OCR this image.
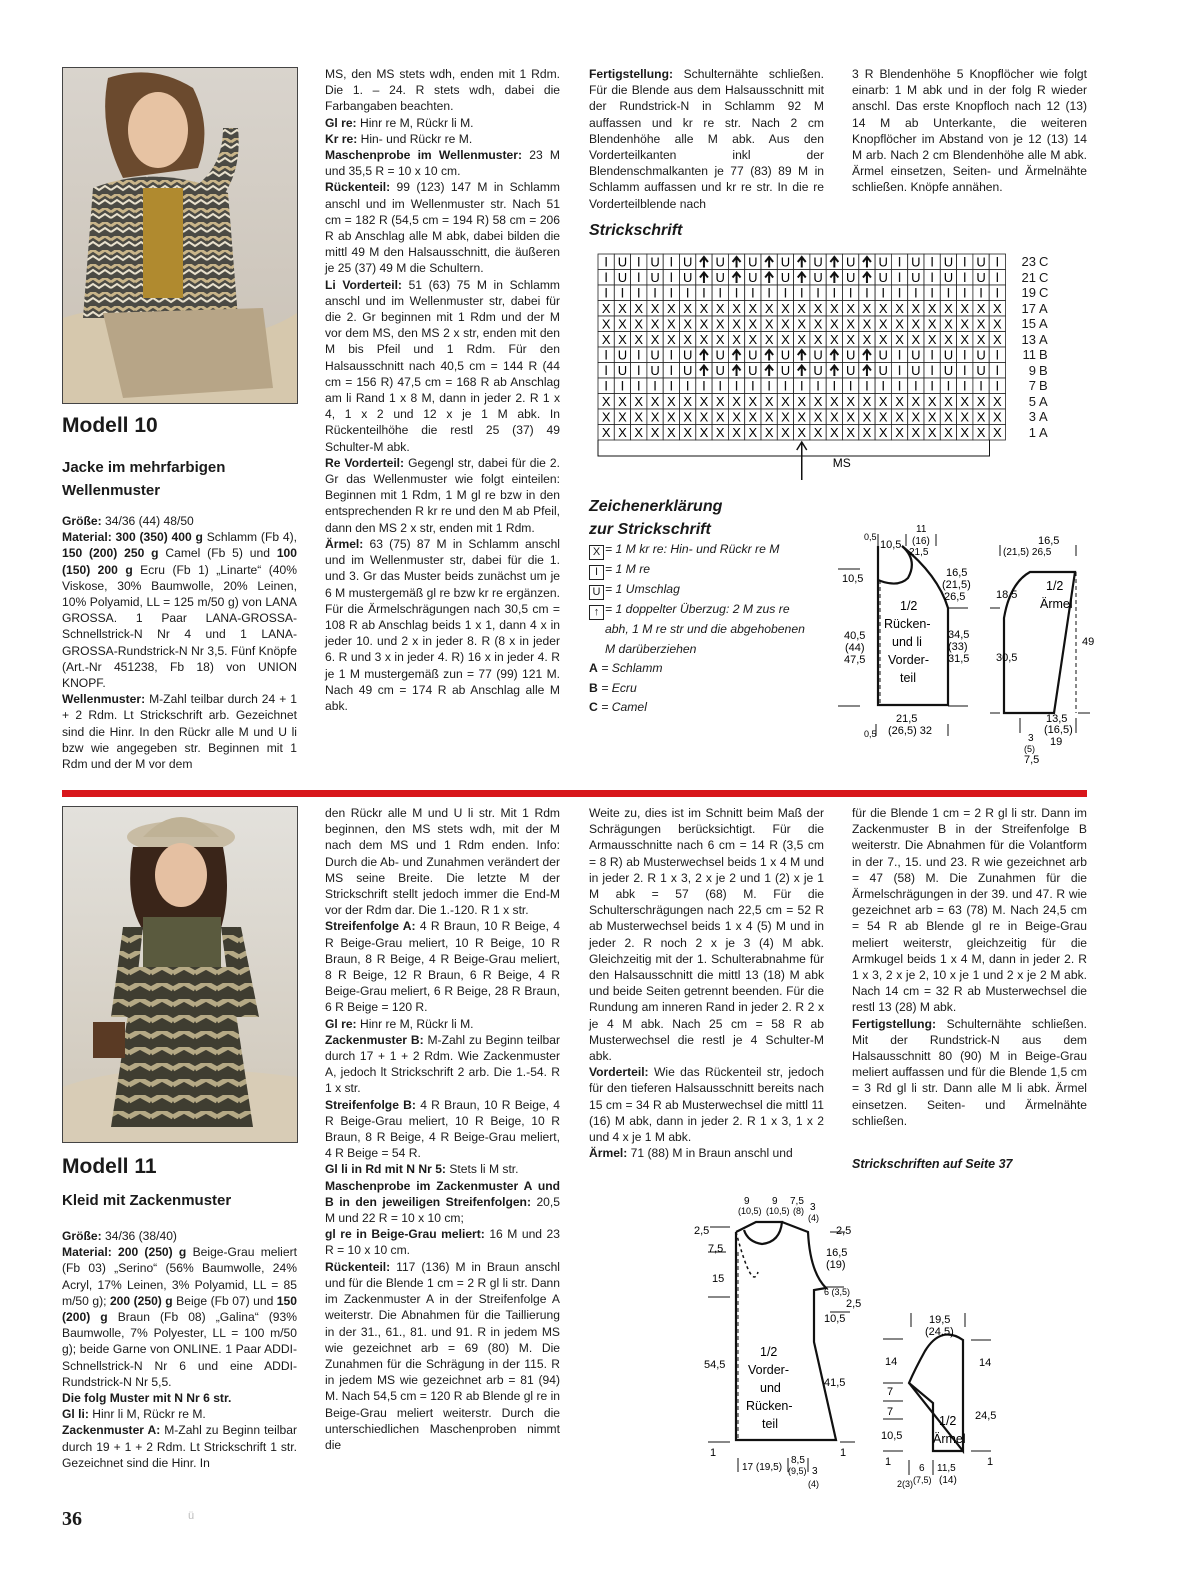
Modell 10
Jacke im mehrfarbigen
Wellenmuster

Größe: 34/36 (44) 48/50
Material: 300 (350) 400 g Schlamm (Fb 4), 150 (200) 250 g Camel (Fb 5) und 100 (150) 200 g Ecru (Fb 1) „Linarte“ (40% Viskose, 30% Baumwolle, 20% Leinen, 10% Polyamid, LL = 125 m/50 g) von LANA GROSSA. 1 Paar LANA-GROSSA-Schnellstrick-N Nr 4 und 1 LANA-GROSSA-Rundstrick-N Nr 3,5. Fünf Knöpfe (Art.-Nr 451238, Fb 18) von UNION KNOPF.
Wellenmuster: M-Zahl teilbar durch 24 + 1 + 2 Rdm. Lt Strickschrift arb. Gezeichnet sind die Hinr. In den Rückr alle M und U li bzw wie angegeben str. Beginnen mit 1 Rdm und der M vor dem

MS, den MS stets wdh, enden mit 1 Rdm. Die 1. – 24. R stets wdh, dabei die Farbangaben beachten.
Gl re: Hinr re M, Rückr li M.
Kr re: Hin- und Rückr re M.
Maschenprobe im Wellenmuster: 23 M und 35,5 R = 10 x 10 cm.
Rückenteil: 99 (123) 147 M in Schlamm anschl und im Wellenmuster str. Nach 51 cm = 182 R (54,5 cm = 194 R) 58 cm = 206 R ab Anschlag alle M abk, dabei bilden die mittl 49 M den Halsausschnitt, die äußeren je 25 (37) 49 M die Schultern.
Li Vorderteil: 51 (63) 75 M in Schlamm anschl und im Wellenmuster str, dabei für die 2. Gr beginnen mit 1 Rdm und der M vor dem MS, den MS 2 x str, enden mit den M bis Pfeil und 1 Rdm. Für den Halsausschnitt nach 40,5 cm = 144 R (44 cm = 156 R) 47,5 cm = 168 R ab Anschlag am li Rand 1 x 8 M, dann in jeder 2. R 1 x 4, 1 x 2 und 12 x je 1 M abk. In Rückenteilhöhe die restl 25 (37) 49 Schulter-M abk.
Re Vorderteil: Gegengl str, dabei für die 2. Gr das Wellenmuster wie folgt einteilen: Beginnen mit 1 Rdm, 1 M gl re bzw in den entsprechenden R kr re und den M ab Pfeil, dann den MS 2 x str, enden mit 1 Rdm.
Ärmel: 63 (75) 87 M in Schlamm anschl und im Wellenmuster str, dabei für die 1. und 3. Gr das Muster beids zunächst um je 6 M mustergemäß gl re bzw kr re ergänzen. Für die Ärmelschrägungen nach 30,5 cm = 108 R ab Anschlag beids 1 x 1, dann 4 x in jeder 10. und 2 x in jeder 8. R (8 x in jeder 6. R und 3 x in jeder 4. R) 16 x in jeder 4. R je 1 M mustergemäß zun = 77 (99) 121 M. Nach 49 cm = 174 R ab Anschlag alle M abk.

Fertigstellung: Schulternähte schließen. Für die Blende aus dem Halsausschnitt mit der Rundstrick-N in Schlamm 92 M auffassen und kr re str. Nach 2 cm Blendenhöhe alle M abk. Aus den Vorderteilkanten inkl der Blendenschmalkanten je 77 (83) 89 M in Schlamm auffassen und kr re str. In die re Vorderteilblende nach

3 R Blendenhöhe 5 Knopflöcher wie folgt einarb: 1 M abk und in der folg R wieder anschl. Das erste Knopfloch nach 12 (13) 14 M ab Unterkante, die weiteren Knopflöcher im Abstand von je 12 (13) 14 M arb. Nach 2 cm Blendenhöhe alle M abk. Ärmel einsetzen, Seiten- und Ärmelnähte schließen. Knöpfe annähen.

Strickschrift
U U U U U U U U U U U U
U U U U U U U U U U U U
X X X X X X X X X X X X X X X X X X X X X X X X X
X X X X X X X X X X X X X X X X X X X X X X X X X
X X X X X X X X X X X X X X X X X X X X X X X X X
U U U U U U U U U U U U
U U U U U U U U U U U U
X X X X X X X X X X X X X X X X X X X X X X X X X
X X X X X X X X X X X X X X X X X X X X X X X X X
X X X X X X X X X X X X X X X X X X X X X X X X X
MS
23 C
21 C
19 C
17 A
15 A
13 A
11 B
9 B
7 B
5 A
3 A
1 A
Zeichenerklärung
zur Strickschrift
X = 1 M kr re: Hin- und Rückr re M
I = 1 M re
U = 1 Umschlag
↑ = 1 doppelter Überzug: 2 M zus re
abh, 1 M re str und die abgehobenen
M darüberziehen
A = Schlamm
B = Ecru
C = Camel
0,5
10,5
11
(16)
21,5
10,5
40,5
(44)
47,5
16,5
(21,5)
26,5
34,5
(33)
31,5
1/2
Rücken-
und li
Vorder-
teil
21,5
(26,5) 32
0,5
16,5
(21,5) 26,5
18,5
30,5
49
1/2
Ärmel
13,5
(16,5)
19
3
(5)
7,5
Modell 11
Kleid mit Zackenmuster

Größe: 34/36 (38/40)
Material: 200 (250) g Beige-Grau meliert (Fb 03) „Serino“ (56% Baumwolle, 24% Acryl, 17% Leinen, 3% Polyamid, LL = 85 m/50 g); 200 (250) g Beige (Fb 07) und 150 (200) g Braun (Fb 08) „Galina“ (93% Baumwolle, 7% Polyester, LL = 100 m/50 g); beide Garne von ONLINE. 1 Paar ADDI-Schnellstrick-N Nr 6 und eine ADDI-Rundstrick-N Nr 5,5.
Die folg Muster mit N Nr 6 str.
Gl li: Hinr li M, Rückr re M.
Zackenmuster A: M-Zahl zu Beginn teilbar durch 19 + 1 + 2 Rdm. Lt Strickschrift 1 str. Gezeichnet sind die Hinr. In

den Rückr alle M und U li str. Mit 1 Rdm beginnen, den MS stets wdh, mit der M nach dem MS und 1 Rdm enden. Info: Durch die Ab- und Zunahmen verändert der MS seine Breite. Die letzte M der Strickschrift stellt jedoch immer die End-M vor der Rdm dar. Die 1.-120. R 1 x str.
Streifenfolge A: 4 R Braun, 10 R Beige, 4 R Beige-Grau meliert, 10 R Beige, 10 R Braun, 8 R Beige, 4 R Beige-Grau meliert, 8 R Beige, 12 R Braun, 6 R Beige, 4 R Beige-Grau meliert, 6 R Beige, 28 R Braun, 6 R Beige = 120 R.
Gl re: Hinr re M, Rückr li M.
Zackenmuster B: M-Zahl zu Beginn teilbar durch 17 + 1 + 2 Rdm. Wie Zackenmuster A, jedoch lt Strickschrift 2 arb. Die 1.-54. R 1 x str.
Streifenfolge B: 4 R Braun, 10 R Beige, 4 R Beige-Grau meliert, 10 R Beige, 10 R Braun, 8 R Beige, 4 R Beige-Grau meliert, 4 R Beige = 54 R.
Gl li in Rd mit N Nr 5: Stets li M str.
Maschenprobe im Zackenmuster A und B in den jeweiligen Streifenfolgen: 20,5 M und 22 R = 10 x 10 cm;
gl re in Beige-Grau meliert: 16 M und 23 R = 10 x 10 cm.
Rückenteil: 117 (136) M in Braun anschl und für die Blende 1 cm = 2 R gl li str. Dann im Zackenmuster A in der Streifenfolge A weiterstr. Die Abnahmen für die Taillierung in der 31., 61., 81. und 91. R in jedem MS wie gezeichnet arb = 69 (80) M. Die Zunahmen für die Schrägung in der 115. R in jedem MS wie gezeichnet arb = 81 (94) M. Nach 54,5 cm = 120 R ab Blende gl re in Beige-Grau meliert weiterstr. Durch die unterschiedlichen Maschenproben nimmt die

Weite zu, dies ist im Schnitt beim Maß der Schrägungen berücksichtigt. Für die Armausschnitte nach 6 cm = 14 R (3,5 cm = 8 R) ab Musterwechsel beids 1 x 4 M und in jeder 2. R 1 x 3, 2 x je 2 und 1 (2) x je 1 M abk = 57 (68) M. Für die Schulterschrägungen nach 22,5 cm = 52 R ab Musterwechsel beids 1 x 4 (5) M und in jeder 2. R noch 2 x je 3 (4) M abk. Gleichzeitig mit der 1. Schulterabnahme für den Halsausschnitt die mittl 13 (18) M abk und beide Seiten getrennt beenden. Für die Rundung am inneren Rand in jeder 2. R 2 x je 4 M abk. Nach 25 cm = 58 R ab Musterwechsel die restl je 4 Schulter-M abk.
Vorderteil: Wie das Rückenteil str, jedoch für den tieferen Halsausschnitt bereits nach 15 cm = 34 R ab Musterwechsel die mittl 11 (16) M abk, dann in jeder 2. R 1 x 3, 1 x 2 und 4 x je 1 M abk.
Ärmel: 71 (88) M in Braun anschl und

für die Blende 1 cm = 2 R gl li str. Dann im Zackenmuster B in der Streifenfolge B weiterstr. Die Abnahmen für die Volantform in der 7., 15. und 23. R wie gezeichnet arb = 47 (58) M. Die Zunahmen für die Ärmelschrägungen in der 39. und 47. R wie gezeichnet arb = 63 (78) M. Nach 24,5 cm = 54 R ab Blende gl re in Beige-Grau meliert weiterstr, gleichzeitig für die Armkugel beids 1 x 4 M, dann in jeder 2. R 1 x 3, 2 x je 2, 10 x je 1 und 2 x je 2 M abk. Nach 14 cm = 32 R ab Musterwechsel die restl 13 (28) M abk.
Fertigstellung: Schulternähte schließen. Mit der Rundstrick-N aus dem Halsausschnitt 80 (90) M in Beige-Grau meliert auffassen und für die Blende 1,5 cm = 3 Rd gl li str. Dann alle M li abk. Ärmel einsetzen. Seiten- und Ärmelnähte schließen.

Strickschriften auf Seite 37
9
(10,5)
9
(10,5)
7,5
(8) 3
(4)
2,5
7,5
15
54,5
1
2,5
16,5
(19)
6 (3,5)
2,5
10,5
41,5
1
1/2
Vorder-
und
Rücken-
teil
17 (19,5)
8,5
(9,5) 3
(4)
19,5
(24,5)
14
7
7
10,5
1
14
24,5
1
1/2
Ärmel
6
(7,5)
11,5
(14)
2(3)
36	ü
